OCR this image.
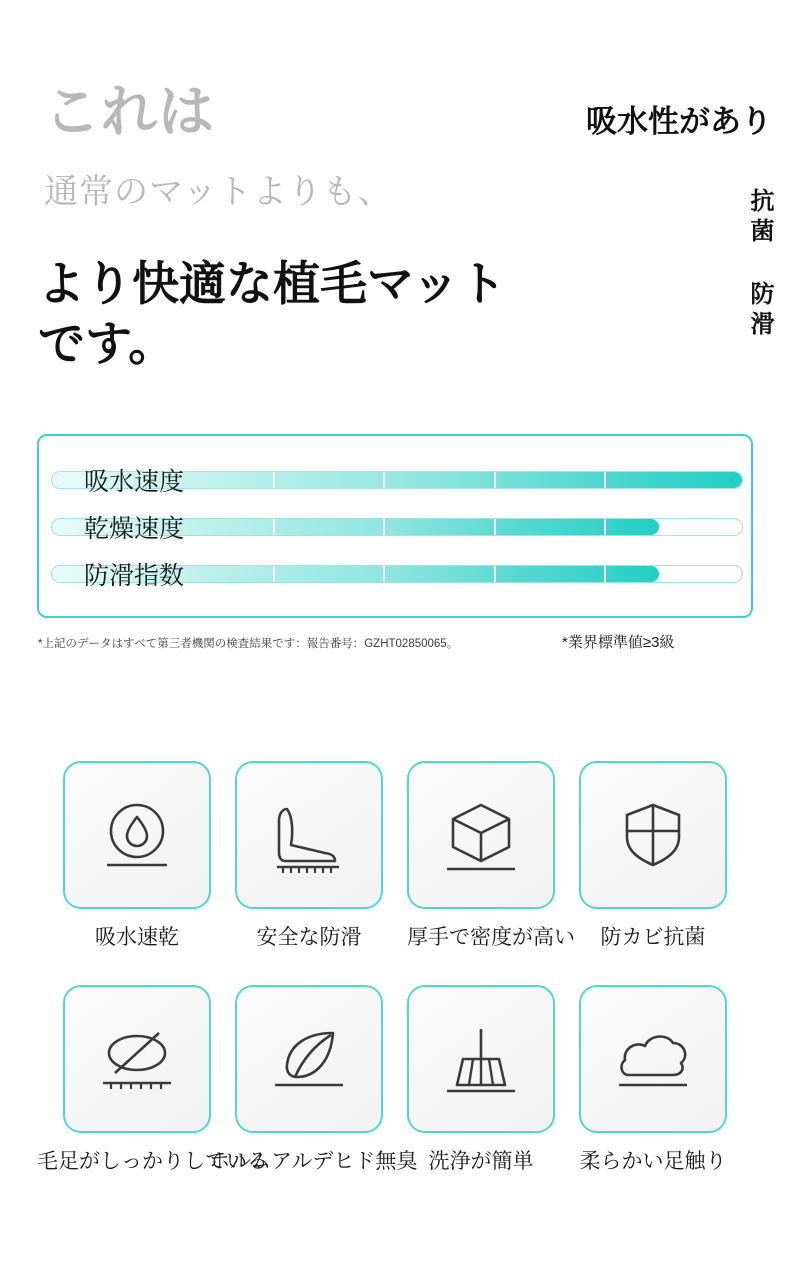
これは
通常のマットよりも、
より快適な植毛マットです。
吸水性があり
抗菌 防滑
吸水速度
乾燥速度
防滑指数
*上記のデータはすべて第三者機関の検査結果です：報告番号：GZHT02850065。	*業界標準値≥3級
吸水速乾	安全な防滑	厚手で密度が高い	防カビ抗菌
毛足がしっかりしている
ホルムアルデヒド無臭 洗浄が簡単	柔らかい足触り
